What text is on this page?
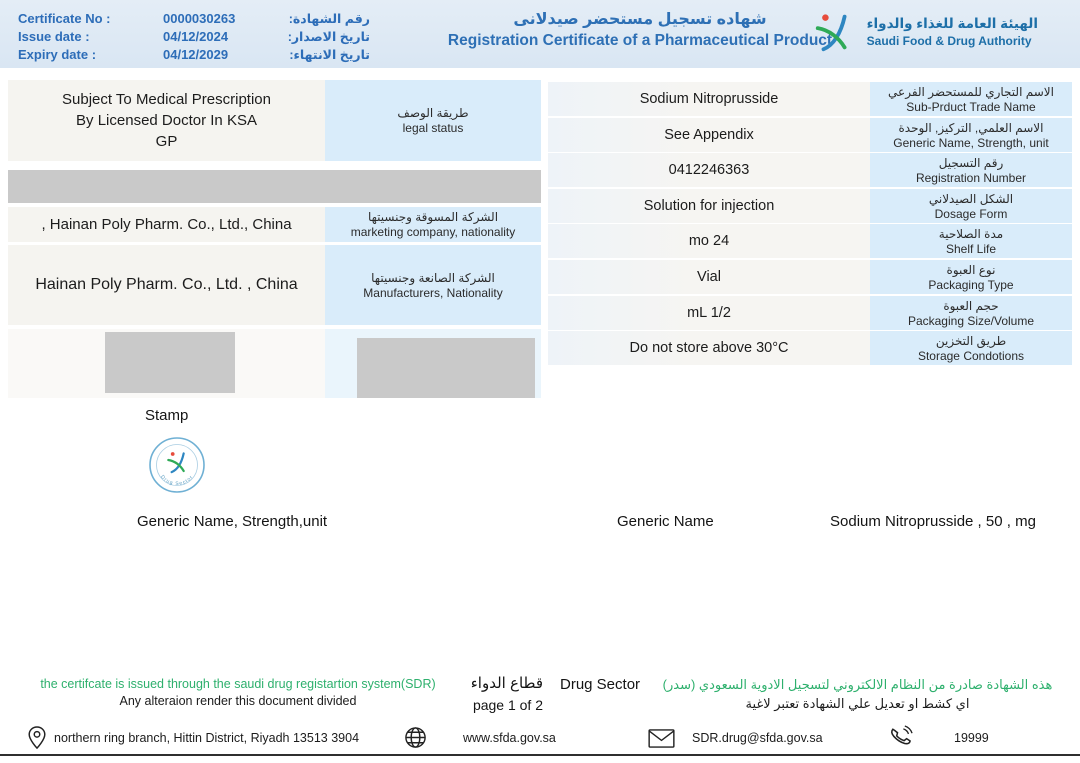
Certificate No :	0000030263	رقم الشهادة:
Issue date :	04/12/2024	تاريخ الاصدار:
Expiry date :	04/12/2029	تاريخ الانتهاء:
شهاده تسجيل مستحضر صيدلانى
Registration Certificate of a Pharmaceutical Product
الهيئة العامة للغذاء والدواء
Saudi Food & Drug Authority
Subject To Medical Prescription
By Licensed Doctor In KSA
GP
طريقة الوصف
legal status
, Hainan Poly Pharm. Co., Ltd., China	الشركة المسوقة وجنسيتها
marketing company, nationality
Hainan Poly Pharm. Co., Ltd. , China	الشركة الصانعة وجنسيتها
Manufacturers, Nationality
Sodium Nitroprusside	الاسم التجاري للمستحضر الفرعي
Sub-Prduct Trade Name
See Appendix	الاسم العلمي, التركيز, الوحدة
Generic Name, Strength, unit
0412246363	رقم التسجيل
Registration Number
Solution for injection	الشكل الصيدلاني
Dosage Form
mo 24	مدة الصلاحية
Shelf Life
Vial	نوع العبوة
Packaging Type
mL 1/2	حجم العبوة
Packaging Size/Volume
Do not store above 30°C	طريق التخزين
Storage Condotions
Stamp
Drug Sector
Generic Name, Strength,unit	Generic Name	Sodium Nitroprusside , 50 , mg
the certifcate is issued through the saudi drug registartion system(SDR)
Any alteraion render this document divided
قطاع الدواء
page 1 of 2
Drug Sector	هذه الشهادة صادرة من النظام الالكتروني لتسجيل الادوية السعودي (سدر)
اي كشط او تعديل علي الشهادة تعتبر لاغية
northern ring branch, Hittin District, Riyadh 13513 3904	www.sfda.gov.sa	SDR.drug@sfda.gov.sa	19999
